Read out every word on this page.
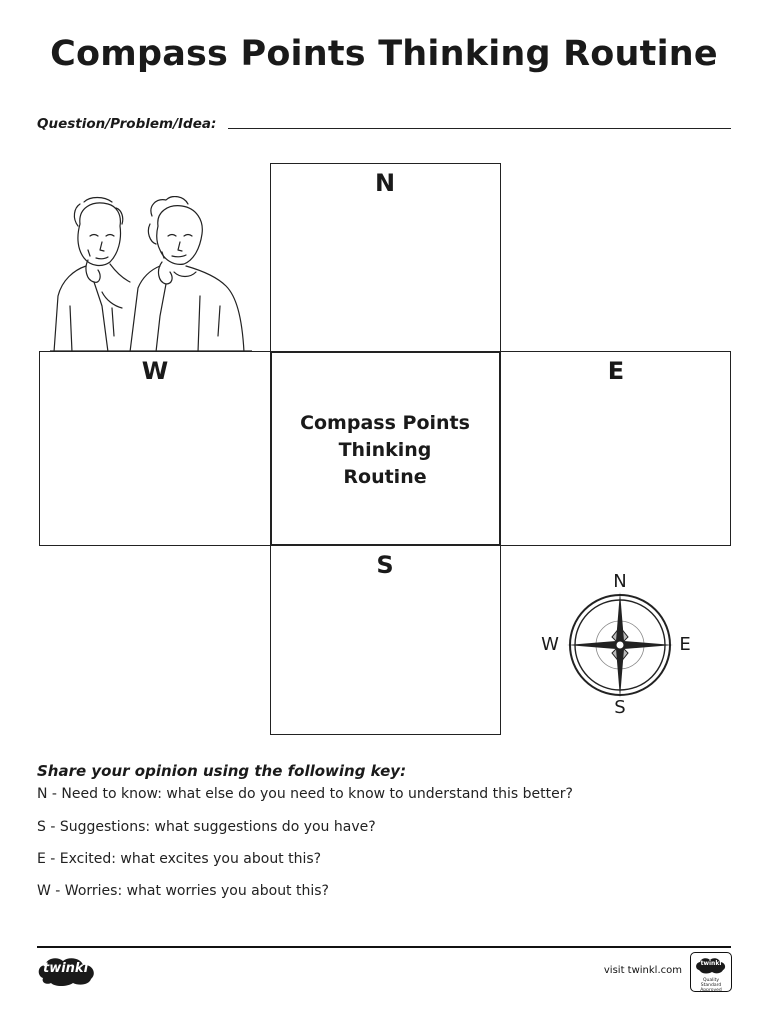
Compass Points Thinking Routine
Question/Problem/Idea:
N
W	E
S
Compass Points
Thinking
Routine
N
S
W	E
Share your opinion using the following key:
N - Need to know: what else do you need to know to understand this better?
S - Suggestions: what suggestions do you have?
E - Excited: what excites you about this?
W - Worries: what worries you about this?
twinkl	visit twinkl.com
twinkl
Quality Standard
Approved
